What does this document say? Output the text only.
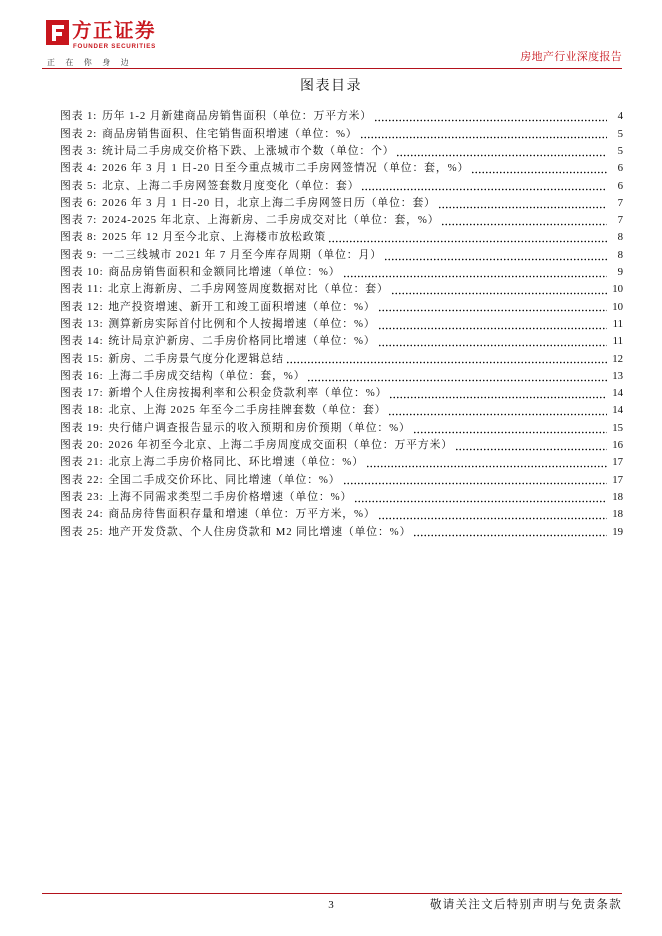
方正证券
FOUNDER SECURITIES
正 在 你 身 边	房地产行业深度报告
图表目录
图表 1: 历年 1-2 月新建商品房销售面积（单位：万平方米）	4
图表 2: 商品房销售面积、住宅销售面积增速（单位：%）	5
图表 3: 统计局二手房成交价格下跌、上涨城市个数（单位：个）	5
图表 4: 2026 年 3 月 1 日-20 日至今重点城市二手房网签情况（单位：套，%）	6
图表 5: 北京、上海二手房网签套数月度变化（单位：套）	6
图表 6: 2026 年 3 月 1 日-20 日，北京上海二手房网签日历（单位：套）	7
图表 7: 2024-2025 年北京、上海新房、二手房成交对比（单位：套，%）	7
图表 8: 2025 年 12 月至今北京、上海楼市放松政策	8
图表 9: 一二三线城市 2021 年 7 月至今库存周期（单位：月）	8
图表 10: 商品房销售面积和金额同比增速（单位：%）	9
图表 11: 北京上海新房、二手房网签周度数据对比（单位：套）	10
图表 12: 地产投资增速、新开工和竣工面积增速（单位：%）	10
图表 13: 测算新房实际首付比例和个人按揭增速（单位：%）	11
图表 14: 统计局京沪新房、二手房价格同比增速（单位：%）	11
图表 15: 新房、二手房景气度分化逻辑总结	12
图表 16: 上海二手房成交结构（单位：套，%）	13
图表 17: 新增个人住房按揭利率和公积金贷款利率（单位：%）	14
图表 18: 北京、上海 2025 年至今二手房挂牌套数（单位：套）	14
图表 19: 央行储户调查报告显示的收入预期和房价预期（单位：%）	15
图表 20: 2026 年初至今北京、上海二手房周度成交面积（单位：万平方米）	16
图表 21: 北京上海二手房价格同比、环比增速（单位：%）	17
图表 22: 全国二手成交价环比、同比增速（单位：%）	17
图表 23: 上海不同需求类型二手房价格增速（单位：%）	18
图表 24: 商品房待售面积存量和增速（单位：万平方米，%）	18
图表 25: 地产开发贷款、个人住房贷款和 M2 同比增速（单位：%）	19
3	敬请关注文后特别声明与免责条款
